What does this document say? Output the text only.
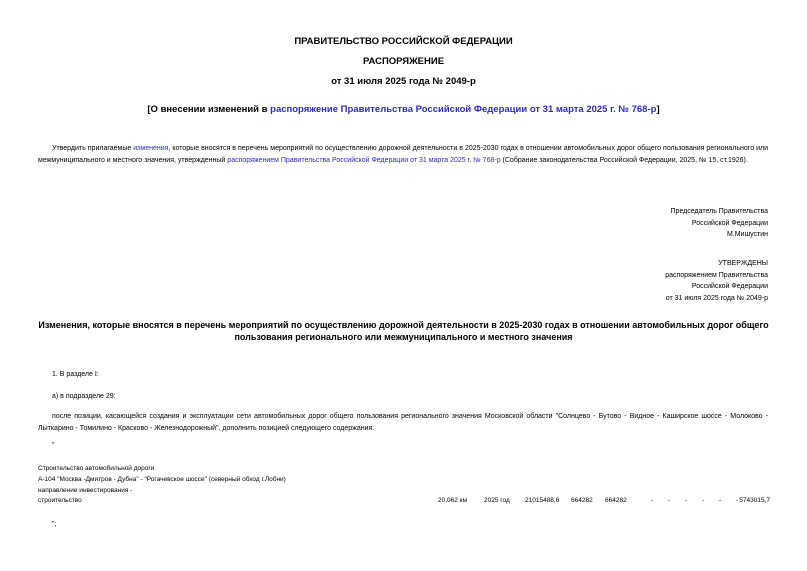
ПРАВИТЕЛЬСТВО РОССИЙСКОЙ ФЕДЕРАЦИИ
РАСПОРЯЖЕНИЕ
от 31 июля 2025 года № 2049-р
[О внесении изменений в распоряжение Правительства Российской Федерации от 31 марта 2025 г. № 768-р]
Утвердить прилагаемые изменения, которые вносятся в перечень мероприятий по осуществлению дорожной деятельности в 2025-2030 годах в отношении автомобильных дорог общего пользования регионального или межмуниципального и местного значения, утвержденный распоряжением Правительства Российской Федерации от 31 марта 2025 г. № 768-р (Собрание законодательства Российской Федерации, 2025, № 15, ст.1926).
Председатель Правительства
Российской Федерации
М.Мишустин
УТВЕРЖДЕНЫ
распоряжением Правительства
Российской Федерации
от 31 июля 2025 года № 2049-р
Изменения, которые вносятся в перечень мероприятий по осуществлению дорожной деятельности в 2025-2030 годах в отношении автомобильных дорог общего пользования регионального или межмуниципального и местного значения
1. В разделе I:
а) в подразделе 29:
после позиции, касающейся создания и эксплуатации сети автомобильных дорог общего пользования регионального значения Московской области "Солнцево - Бутово - Видное - Каширское шоссе - Молоково - Лыткарино - Томилино - Красково - Железнодорожный", дополнить позицией следующего содержания:
"
Строительство автомобильной дороги
А-104 "Москва -Дмитров - Дубна" - "Рогачевское шоссе" (северный обход г.Лобни)
направление инвестирования -
строительство	20,062 км	2025 год 21015488,6 664282 664282	- - - - - - 5743015,7
";
